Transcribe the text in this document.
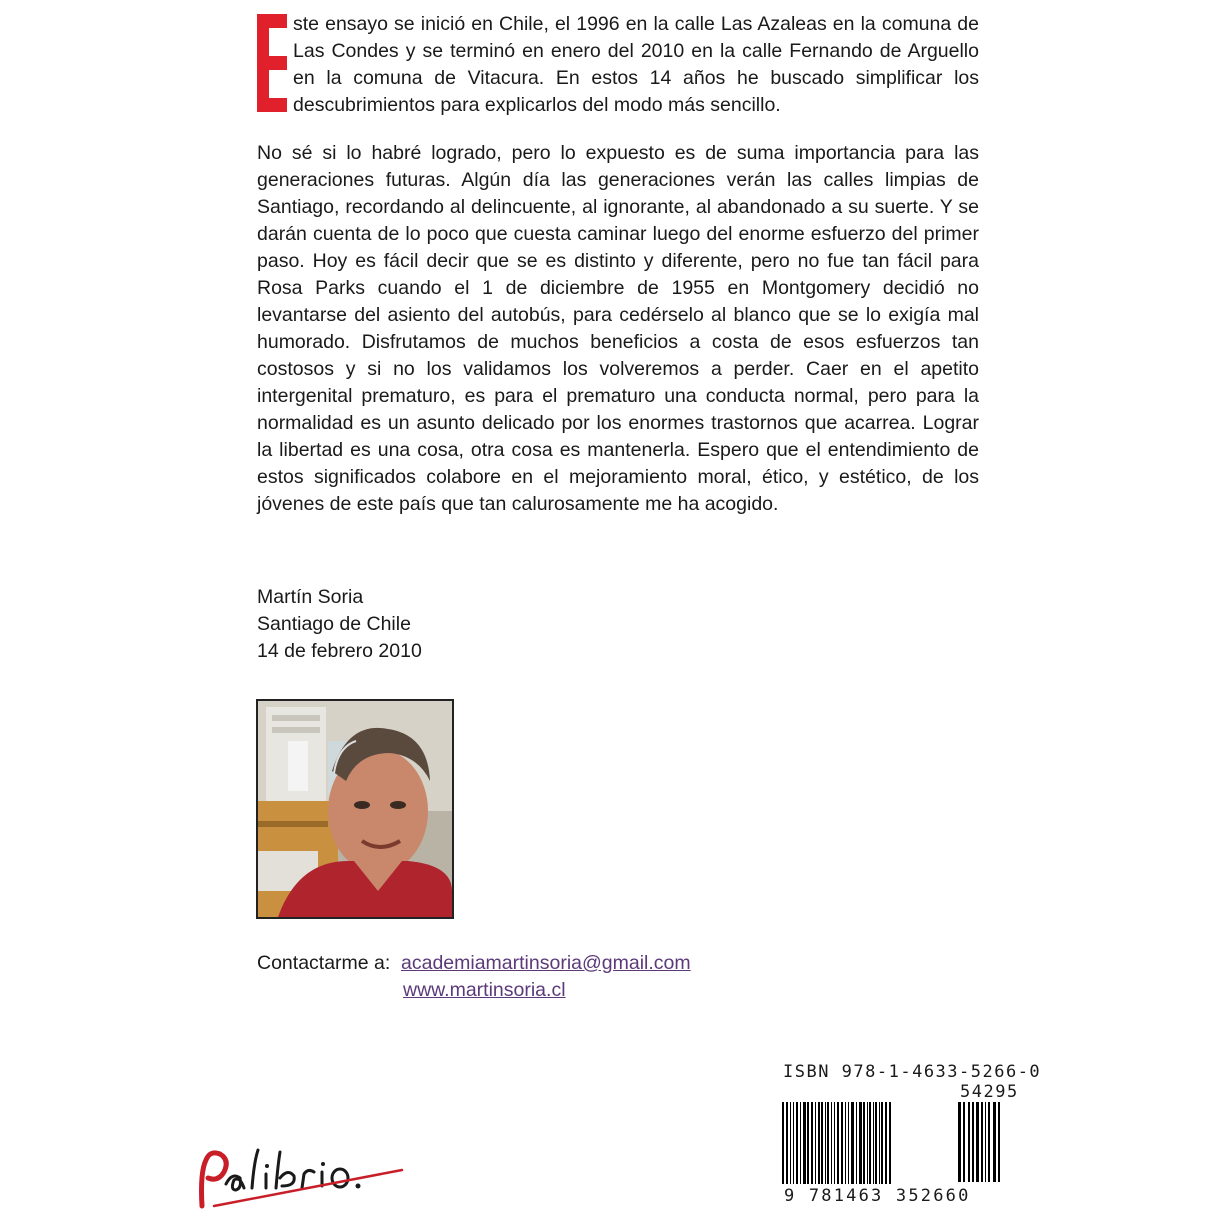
ste ensayo se inició en Chile, el 1996 en la calle Las Azaleas en la comuna de Las Condes y se terminó en enero del 2010 en la calle Fernando de Arguello en la comuna de Vitacura. En estos 14 años he buscado simplificar los descubrimientos para explicarlos del modo más sencillo.
No sé si lo habré logrado, pero lo expuesto es de suma importancia para las generaciones futuras. Algún día las generaciones verán las calles limpias de Santiago, recordando al delincuente, al ignorante, al abandonado a su suerte. Y se darán cuenta de lo poco que cuesta caminar luego del enorme esfuerzo del primer paso. Hoy es fácil decir que se es distinto y diferente, pero no fue tan fácil para Rosa Parks cuando el 1 de diciembre de 1955 en Montgomery decidió no levantarse del asiento del autobús, para cedérselo al blanco que se lo exigía mal humorado. Disfrutamos de muchos beneficios a costa de esos esfuerzos tan costosos y si no los validamos los volveremos a perder. Caer en el apetito intergenital prematuro, es para el prematuro una conducta normal, pero para la normalidad es un asunto delicado por los enormes trastornos que acarrea. Lograr la libertad es una cosa, otra cosa es mantenerla. Espero que el entendimiento de estos significados colabore en el mejoramiento moral, ético, y estético, de los jóvenes de este país que tan calurosamente me ha acogido.
Martín Soria
Santiago de Chile
14 de febrero 2010
Contactarme a: academiamartinsoria@gmail.com
www.martinsoria.cl
ISBN 978-1-4633-5266-0
54295
9 781463 352660
palibrio.
